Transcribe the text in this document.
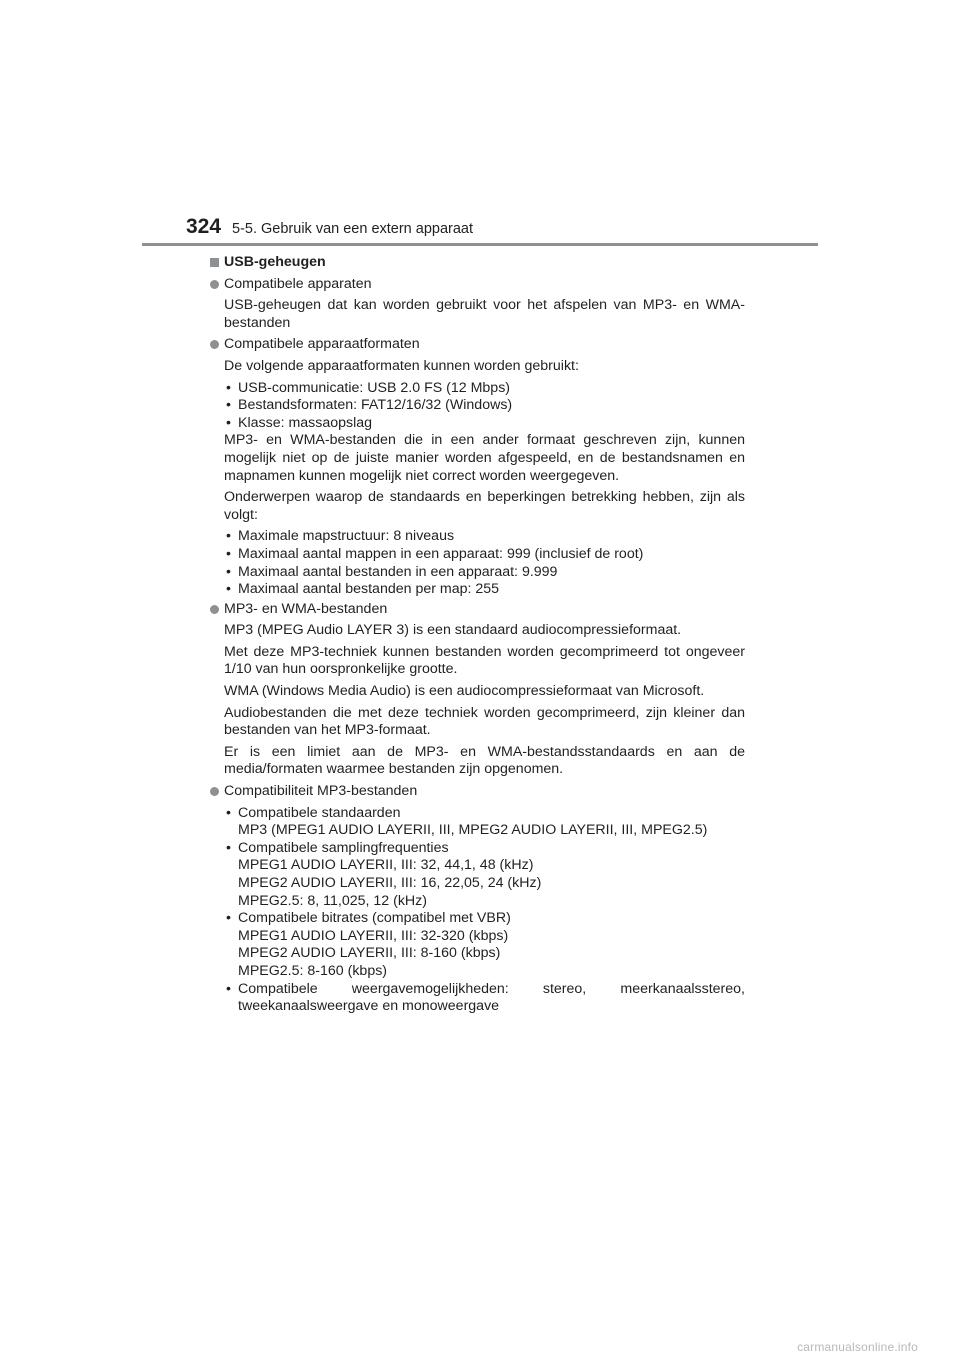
324 5-5. Gebruik van een extern apparaat
USB-geheugen
Compatibele apparaten
USB-geheugen dat kan worden gebruikt voor het afspelen van MP3- en WMA-bestanden
Compatibele apparaatformaten
De volgende apparaatformaten kunnen worden gebruikt:
• USB-communicatie: USB 2.0 FS (12 Mbps)
• Bestandsformaten: FAT12/16/32 (Windows)
• Klasse: massaopslag
MP3- en WMA-bestanden die in een ander formaat geschreven zijn, kunnen mogelijk niet op de juiste manier worden afgespeeld, en de bestandsnamen en mapnamen kunnen mogelijk niet correct worden weergegeven.
Onderwerpen waarop de standaards en beperkingen betrekking hebben, zijn als volgt:
• Maximale mapstructuur: 8 niveaus
• Maximaal aantal mappen in een apparaat: 999 (inclusief de root)
• Maximaal aantal bestanden in een apparaat: 9.999
• Maximaal aantal bestanden per map: 255
MP3- en WMA-bestanden
MP3 (MPEG Audio LAYER 3) is een standaard audiocompressieformaat.
Met deze MP3-techniek kunnen bestanden worden gecomprimeerd tot ongeveer 1/10 van hun oorspronkelijke grootte.
WMA (Windows Media Audio) is een audiocompressieformaat van Microsoft.
Audiobestanden die met deze techniek worden gecomprimeerd, zijn kleiner dan bestanden van het MP3-formaat.
Er is een limiet aan de MP3- en WMA-bestandsstandaards en aan de media/formaten waarmee bestanden zijn opgenomen.
Compatibiliteit MP3-bestanden
• Compatibele standaarden
MP3 (MPEG1 AUDIO LAYERII, III, MPEG2 AUDIO LAYERII, III, MPEG2.5)
• Compatibele samplingfrequenties
MPEG1 AUDIO LAYERII, III: 32, 44,1, 48 (kHz)
MPEG2 AUDIO LAYERII, III: 16, 22,05, 24 (kHz)
MPEG2.5: 8, 11,025, 12 (kHz)
• Compatibele bitrates (compatibel met VBR)
MPEG1 AUDIO LAYERII, III: 32-320 (kbps)
MPEG2 AUDIO LAYERII, III: 8-160 (kbps)
MPEG2.5: 8-160 (kbps)
• Compatibele weergavemogelijkheden: stereo, meerkanaalsstereo, tweekanaalsweergave en monoweergave
carmanualsonline.info
